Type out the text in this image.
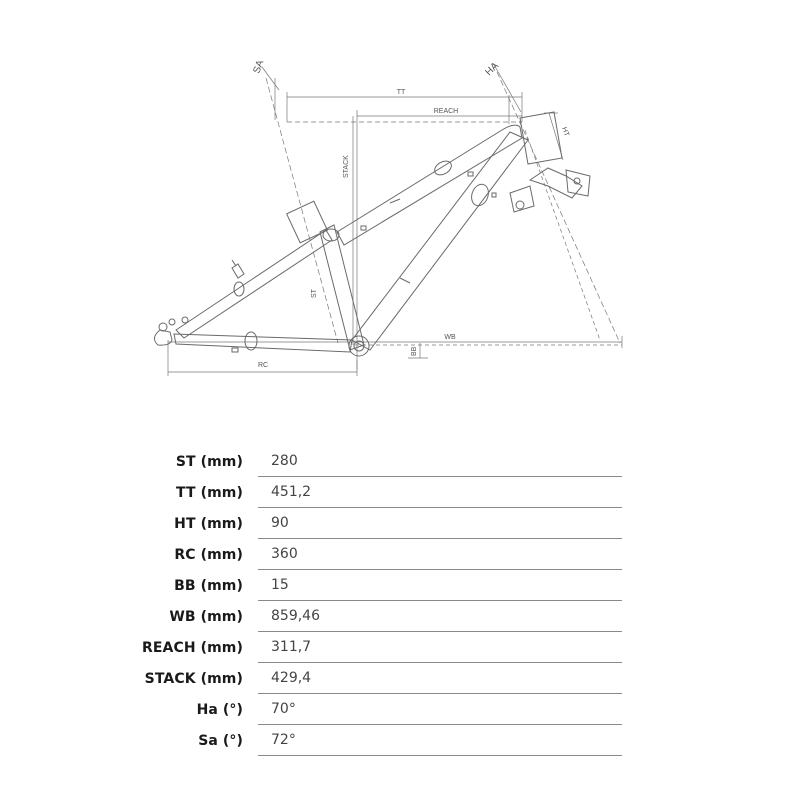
SA	HA
TT
REACH
HT
STACK
ST
WB
BB
RC
ST (mm)	280
TT (mm)	451,2
HT (mm)	90
RC (mm)	360
BB (mm)	15
WB (mm)	859,46
REACH (mm)	311,7
STACK (mm)	429,4
Ha (°)	70°
Sa (°)	72°
